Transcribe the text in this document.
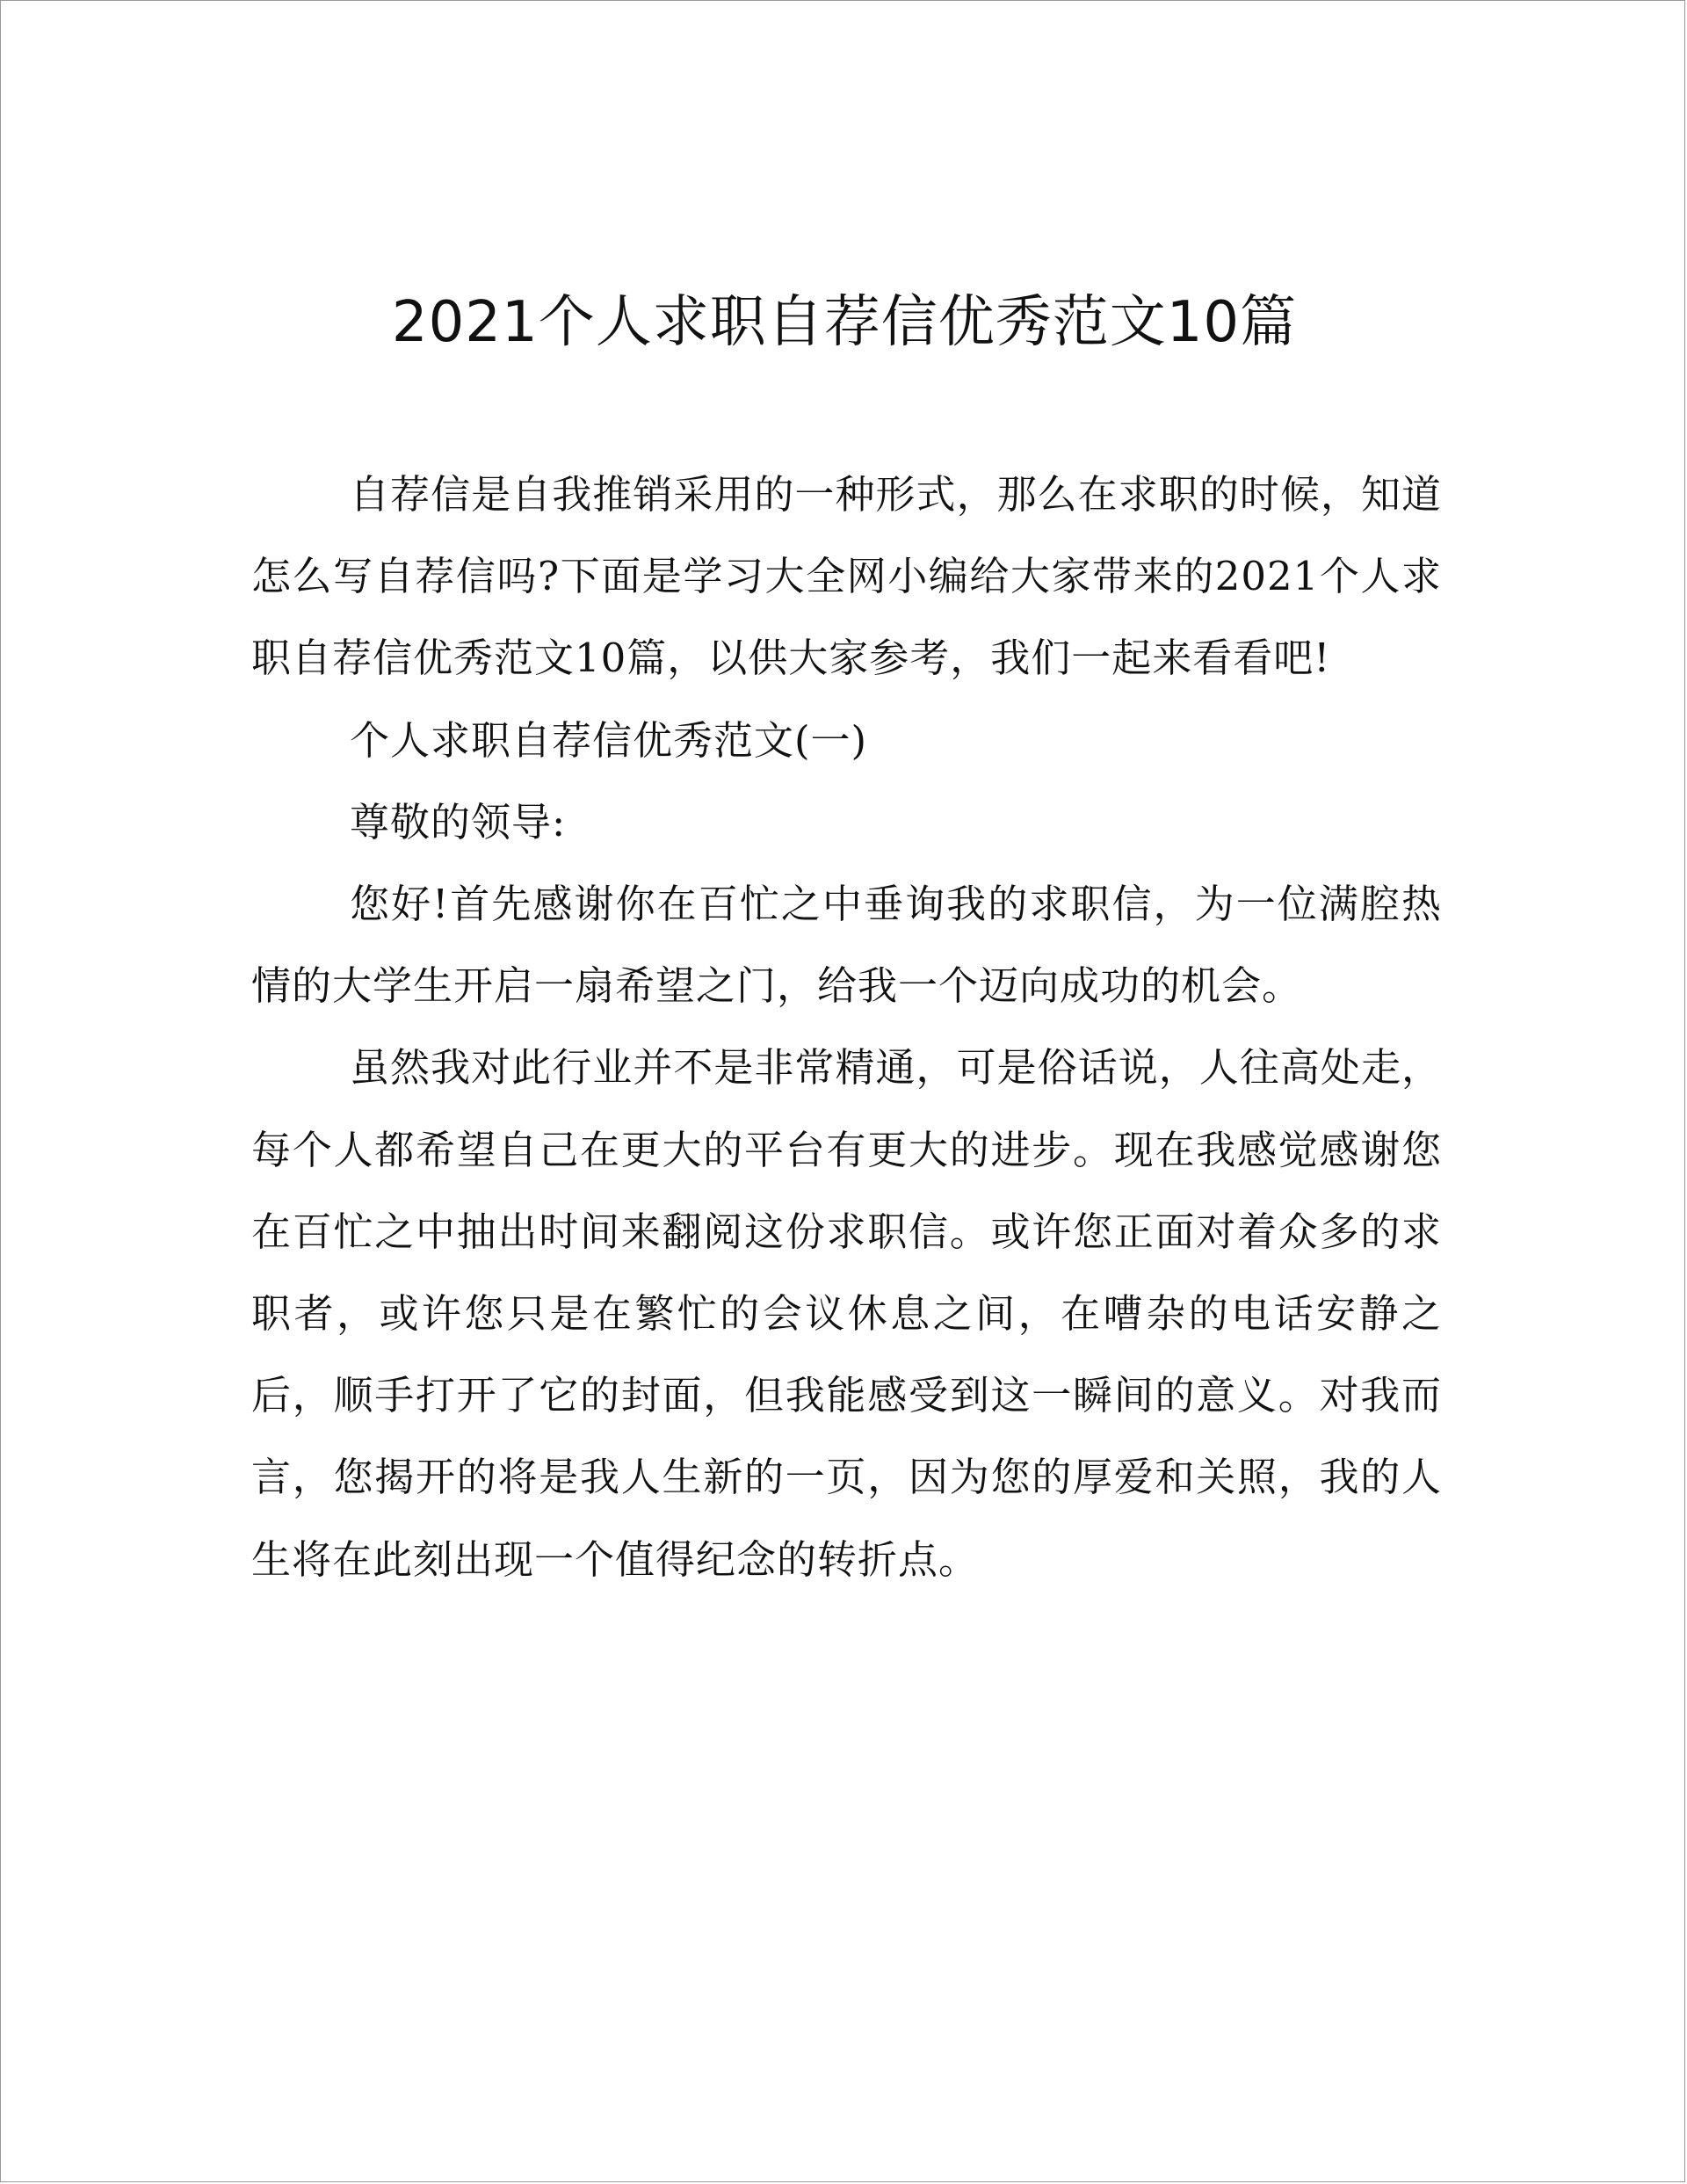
2021个人求职自荐信优秀范文10篇

自荐信是自我推销采用的一种形式，那么在求职的时候，知道怎么写自荐信吗?下面是学习大全网小编给大家带来的2021个人求职自荐信优秀范文10篇，以供大家参考，我们一起来看看吧!

个人求职自荐信优秀范文(一)

尊敬的领导:

您好!首先感谢你在百忙之中垂询我的求职信，为一位满腔热情的大学生开启一扇希望之门，给我一个迈向成功的机会。

虽然我对此行业并不是非常精通，可是俗话说，人往高处走，每个人都希望自己在更大的平台有更大的进步。现在我感觉感谢您在百忙之中抽出时间来翻阅这份求职信。或许您正面对着众多的求职者，或许您只是在繁忙的会议休息之间，在嘈杂的电话安静之后，顺手打开了它的封面，但我能感受到这一瞬间的意义。对我而言，您揭开的将是我人生新的一页，因为您的厚爱和关照，我的人生将在此刻出现一个值得纪念的转折点。
